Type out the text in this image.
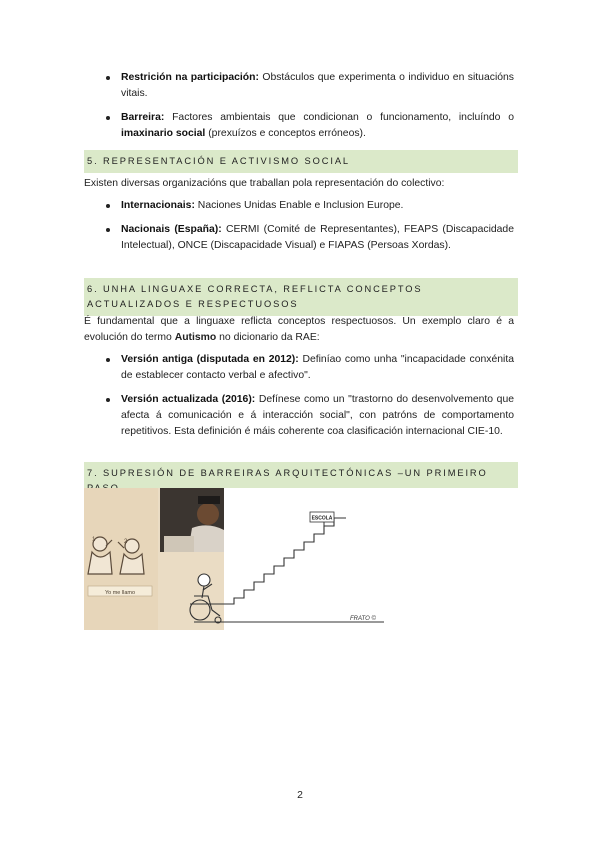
Restrición na participación: Obstáculos que experimenta o individuo en situacións vitais.
Barreira: Factores ambientais que condicionan o funcionamento, incluíndo o imaxinario social (prexuízos e conceptos erróneos).
5. REPRESENTACIÓN E ACTIVISMO SOCIAL

Existen diversas organizacións que traballan pola representación do colectivo:

Internacionais: Naciones Unidas Enable e Inclusion Europe.
Nacionais (España): CERMI (Comité de Representantes), FEAPS (Discapacidade Intelectual), ONCE (Discapacidade Visual) e FIAPAS (Persoas Xordas).
6. UNHA LINGUAXE CORRECTA, REFLICTA CONCEPTOS ACTUALIZADOS E RESPECTUOSOS

É fundamental que a linguaxe reflicta conceptos respectuosos. Un exemplo claro é a evolución do termo Autismo no dicionario da RAE:

Versión antiga (disputada en 2012): Definíao como unha "incapacidade conxénita de establecer contacto verbal e afectivo".
Versión actualizada (2016): Defínese como un "trastorno do desenvolvemento que afecta á comunicación e á interacción social", con patróns de comportamento repetitivos. Esta definición é máis coherente coa clasificación internacional CIE-10.
7. SUPRESIÓN DE BARREIRAS ARQUITECTÓNICAS –UN PRIMEIRO
1	2
Yo me llamo
ESCOLA
FRATO ©
2
